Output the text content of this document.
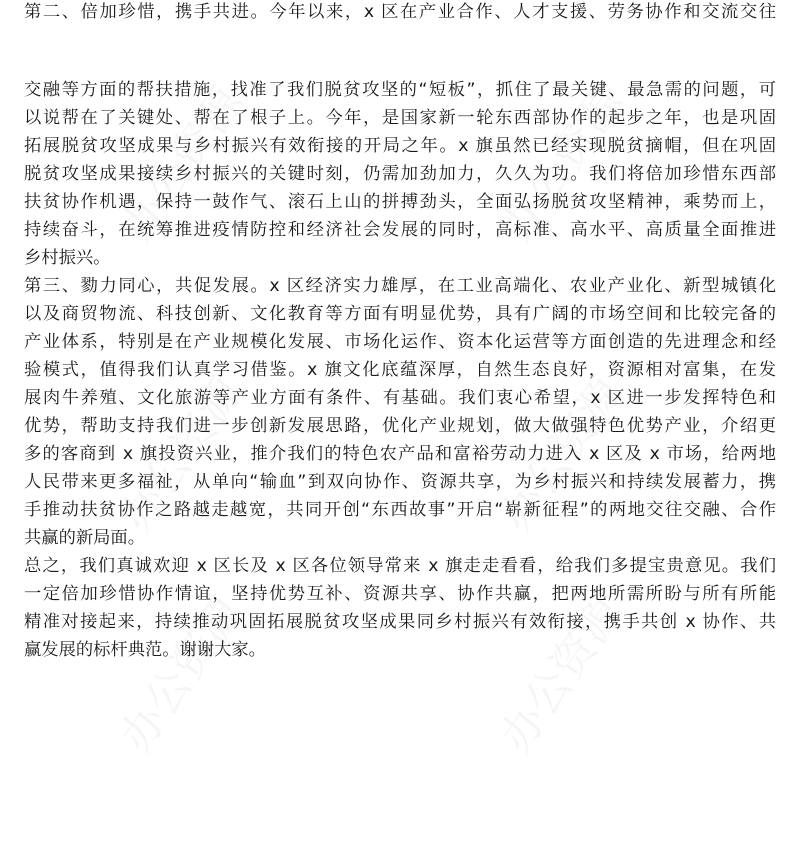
第二、倍加珍惜，携手共进。今年以来，x 区在产业合作、人才支援、劳务协作和交流交往
交融等方面的帮扶措施，找准了我们脱贫攻坚的“短板”，抓住了最关键、最急需的问题，可
以说帮在了关键处、帮在了根子上。今年，是国家新一轮东西部协作的起步之年，也是巩固
拓展脱贫攻坚成果与乡村振兴有效衔接的开局之年。x 旗虽然已经实现脱贫摘帽，但在巩固
脱贫攻坚成果接续乡村振兴的关键时刻，仍需加劲加力，久久为功。我们将倍加珍惜东西部
扶贫协作机遇，保持一鼓作气、滚石上山的拼搏劲头，全面弘扬脱贫攻坚精神，乘势而上，
持续奋斗，在统筹推进疫情防控和经济社会发展的同时，高标准、高水平、高质量全面推进
乡村振兴。
第三、勠力同心，共促发展。x 区经济实力雄厚，在工业高端化、农业产业化、新型城镇化
以及商贸物流、科技创新、文化教育等方面有明显优势，具有广阔的市场空间和比较完备的
产业体系，特别是在产业规模化发展、市场化运作、资本化运营等方面创造的先进理念和经
验模式，值得我们认真学习借鉴。x 旗文化底蕴深厚，自然生态良好，资源相对富集，在发
展肉牛养殖、文化旅游等产业方面有条件、有基础。我们衷心希望，x 区进一步发挥特色和
优势，帮助支持我们进一步创新发展思路，优化产业规划，做大做强特色优势产业，介绍更
多的客商到 x 旗投资兴业，推介我们的特色农产品和富裕劳动力进入 x 区及 x 市场，给两地
人民带来更多福祉，从单向“输血”到双向协作、资源共享，为乡村振兴和持续发展蓄力，携
手推动扶贫协作之路越走越宽，共同开创“东西故事”开启“崭新征程”的两地交往交融、合作
共赢的新局面。
总之，我们真诚欢迎 x 区长及 x 区各位领导常来 x 旗走走看看，给我们多提宝贵意见。我们
一定倍加珍惜协作情谊，坚持优势互补、资源共享、协作共赢，把两地所需所盼与所有所能
精准对接起来，持续推动巩固拓展脱贫攻坚成果同乡村振兴有效衔接，携手共创 x 协作、共
赢发展的标杆典范。谢谢大家。
